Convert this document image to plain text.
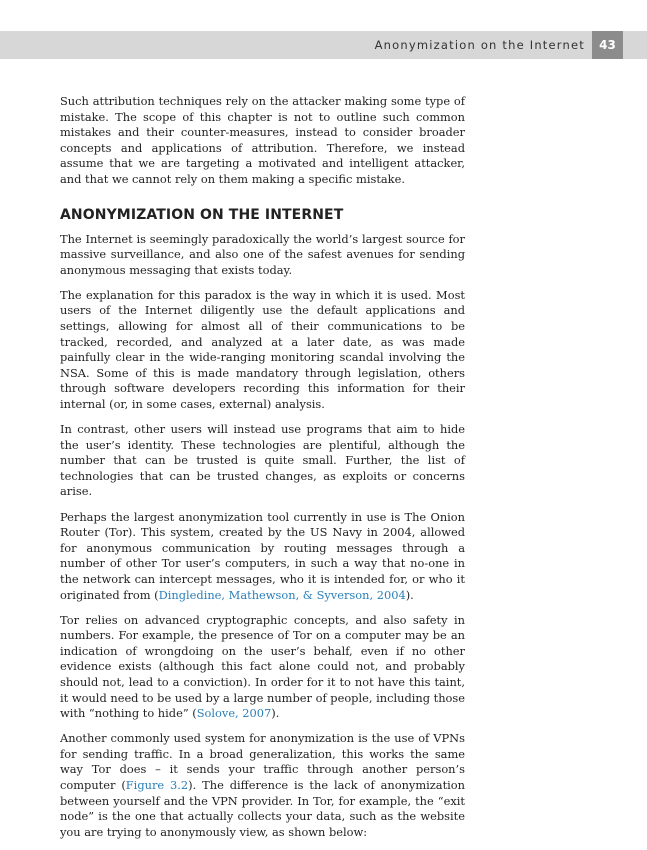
Anonymization on the Internet	43

Such attribution techniques rely on the attacker making some type of mistake. The scope of this chapter is not to outline such common mistakes and their counter-measures, instead to consider broader concepts and applications of attribution. Therefore, we instead assume that we are targeting a motivated and intelligent attacker, and that we cannot rely on them making a specific mistake.

ANONYMIZATION ON THE INTERNET

The Internet is seemingly paradoxically the world’s largest source for massive surveillance, and also one of the safest avenues for sending anonymous messaging that exists today.

The explanation for this paradox is the way in which it is used. Most users of the Internet diligently use the default applications and settings, allowing for almost all of their communications to be tracked, recorded, and analyzed at a later date, as was made painfully clear in the wide-ranging monitoring scandal involving the NSA. Some of this is made mandatory through legislation, others through software developers recording this information for their internal (or, in some cases, external) analysis.

In contrast, other users will instead use programs that aim to hide the user’s identity. These technologies are plentiful, although the number that can be trusted is quite small. Further, the list of technologies that can be trusted changes, as exploits or concerns arise.

Perhaps the largest anonymization tool currently in use is The Onion Router (Tor). This system, created by the US Navy in 2004, allowed for anonymous communication by routing messages through a number of other Tor user’s computers, in such a way that no-one in the network can intercept messages, who it is intended for, or who it originated from (Dingledine, Mathewson, & Syverson, 2004).

Tor relies on advanced cryptographic concepts, and also safety in numbers. For example, the presence of Tor on a computer may be an indication of wrongdoing on the user’s behalf, even if no other evidence exists (although this fact alone could not, and probably should not, lead to a conviction). In order for it to not have this taint, it would need to be used by a large number of people, including those with “nothing to hide” (Solove, 2007).

Another commonly used system for anonymization is the use of VPNs for sending traffic. In a broad generalization, this works the same way Tor does – it sends your traffic through another person’s computer (Figure 3.2). The difference is the lack of anonymization between yourself and the VPN provider. In Tor, for example, the “exit node” is the one that actually collects your data, such as the website you are trying to anonymously view, as shown below:
